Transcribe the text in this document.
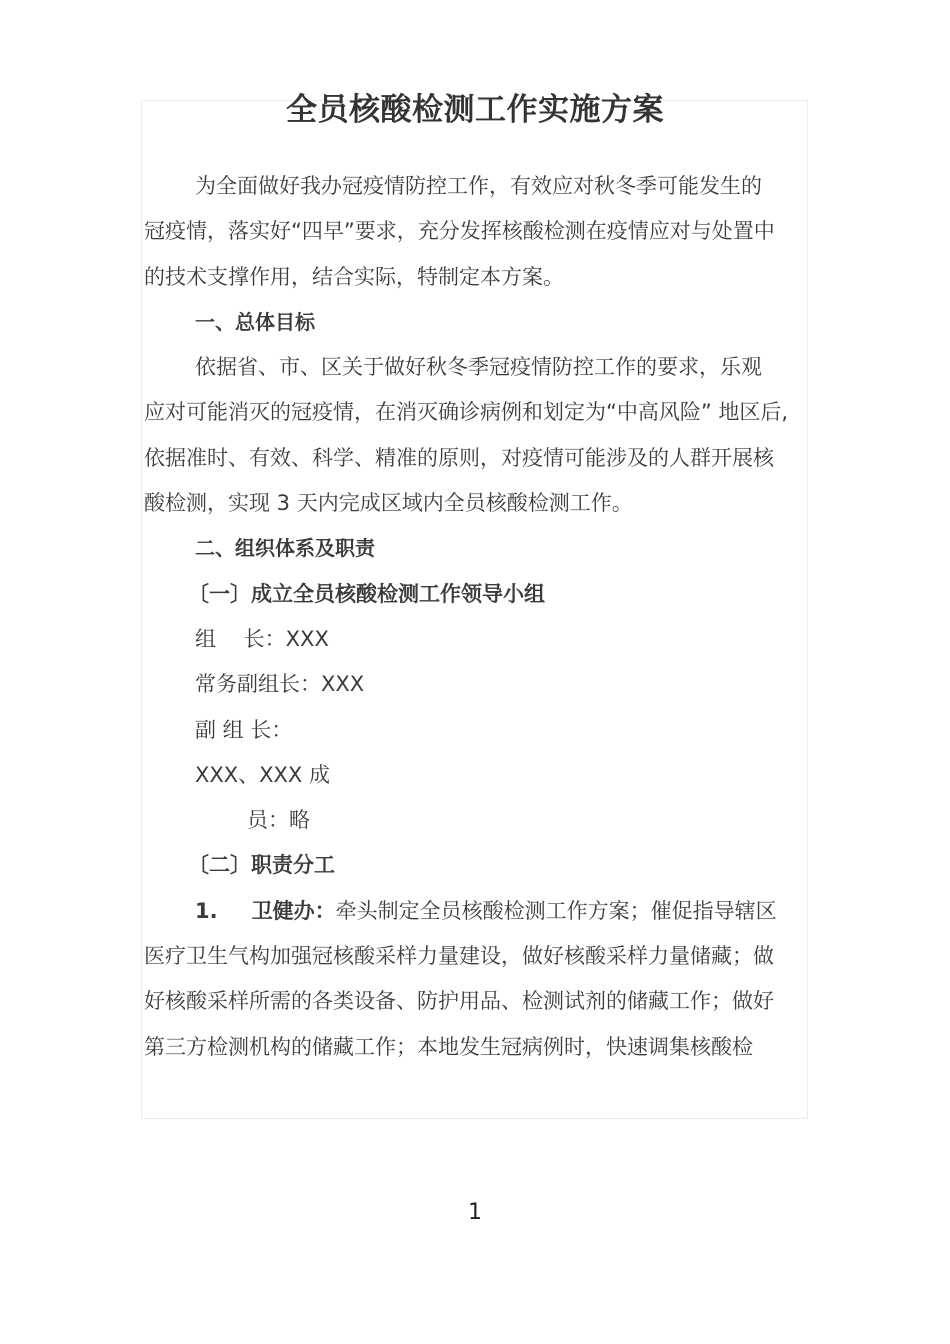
全员核酸检测工作实施方案
为全面做好我办冠疫情防控工作，有效应对秋冬季可能发生的
冠疫情，落实好“四早”要求，充分发挥核酸检测在疫情应对与处置中
的技术支撑作用，结合实际，特制定本方案。
一、总体目标
依据省、市、区关于做好秋冬季冠疫情防控工作的要求，乐观
应对可能消灭的冠疫情，在消灭确诊病例和划定为“中高风险” 地区后,
依据准时、有效、科学、精准的原则，对疫情可能涉及的人群开展核
酸检测，实现 3 天内完成区域内全员核酸检测工作。
二、组织体系及职责
〔一〕成立全员核酸检测工作领导小组
组　 长：XXX
常务副组长：XXX
副 组 长：
XXX、XXX 成
员：略
〔二〕职责分工
1. 卫健办：牵头制定全员核酸检测工作方案；催促指导辖区
医疗卫生气构加强冠核酸采样力量建设，做好核酸采样力量储藏；做
好核酸采样所需的各类设备、防护用品、检测试剂的储藏工作；做好
第三方检测机构的储藏工作；本地发生冠病例时，快速调集核酸检
1
